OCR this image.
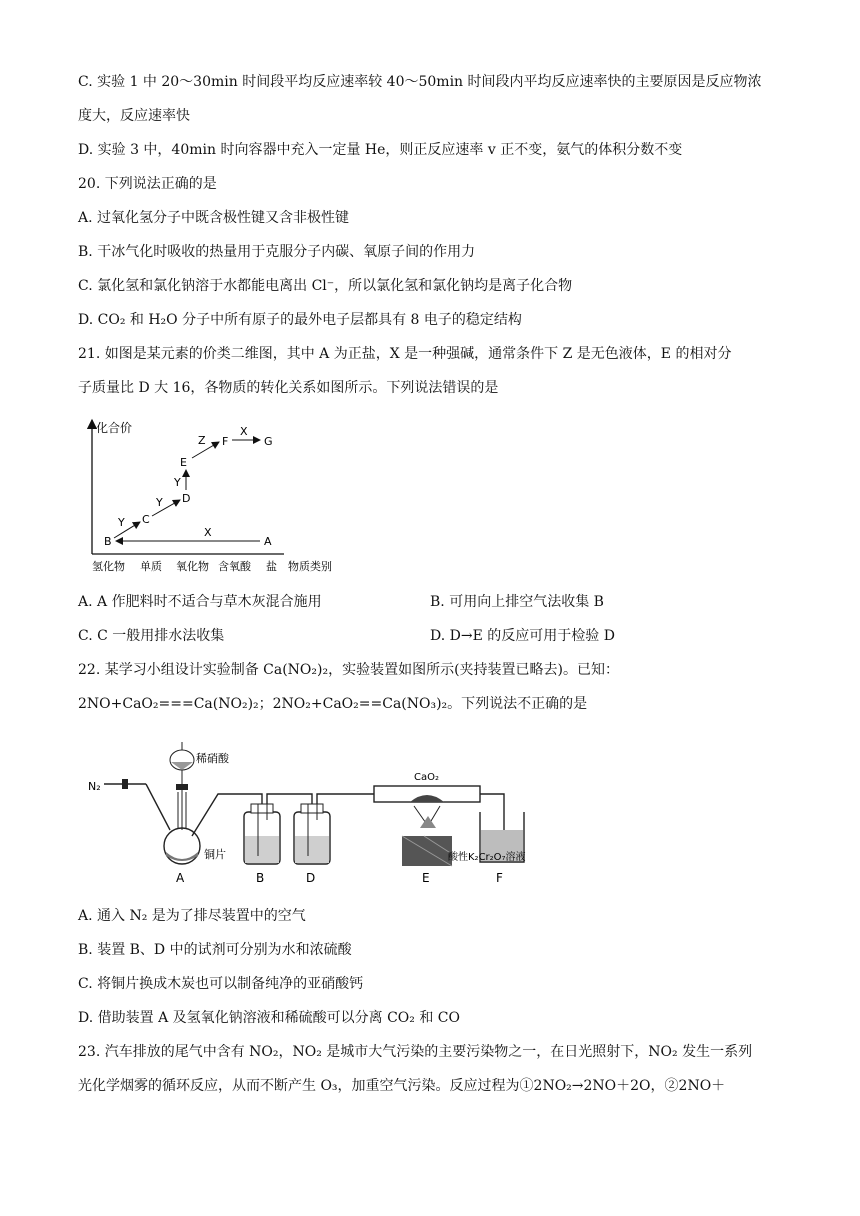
C. 实验 1 中 20～30min 时间段平均反应速率较 40～50min 时间段内平均反应速率快的主要原因是反应物浓
度大，反应速率快
D. 实验 3 中，40min 时向容器中充入一定量 He，则正反应速率 v 正不变，氨气的体积分数不变
20. 下列说法正确的是
A. 过氧化氢分子中既含极性键又含非极性键
B. 干冰气化时吸收的热量用于克服分子内碳、氧原子间的作用力
C. 氯化氢和氯化钠溶于水都能电离出 Cl⁻，所以氯化氢和氯化钠均是离子化合物
D. CO₂ 和 H₂O 分子中所有原子的最外电子层都具有 8 电子的稳定结构
21. 如图是某元素的价类二维图，其中 A 为正盐，X 是一种强碱，通常条件下 Z 是无色液体，E 的相对分
子质量比 D 大 16，各物质的转化关系如图所示。下列说法错误的是
化合价
氢化物 单质 氧化物 含氧酸 盐 物质类别
B
C
D
E
F	G
A
Y
Y
Y
Z
X
X
A. A 作肥料时不适合与草木灰混合施用	B. 可用向上排空气法收集 B
C. C 一般用排水法收集	D. D→E 的反应可用于检验 D
22. 某学习小组设计实验制备 Ca(NO₂)₂，实验装置如图所示(夹持装置已略去)。已知：
2NO+CaO₂===Ca(NO₂)₂；2NO₂+CaO₂==Ca(NO₃)₂。下列说法不正确的是
N₂
稀硝酸
铜片
CaO₂
酸性K₂Cr₂O₇溶液
A	B	D	E	F
A. 通入 N₂ 是为了排尽装置中的空气
B. 装置 B、D 中的试剂可分别为水和浓硫酸
C. 将铜片换成木炭也可以制备纯净的亚硝酸钙
D. 借助装置 A 及氢氧化钠溶液和稀硫酸可以分离 CO₂ 和 CO
23. 汽车排放的尾气中含有 NO₂，NO₂ 是城市大气污染的主要污染物之一，在日光照射下，NO₂ 发生一系列
光化学烟雾的循环反应，从而不断产生 O₃，加重空气污染。反应过程为①2NO₂→2NO＋2O，②2NO＋
